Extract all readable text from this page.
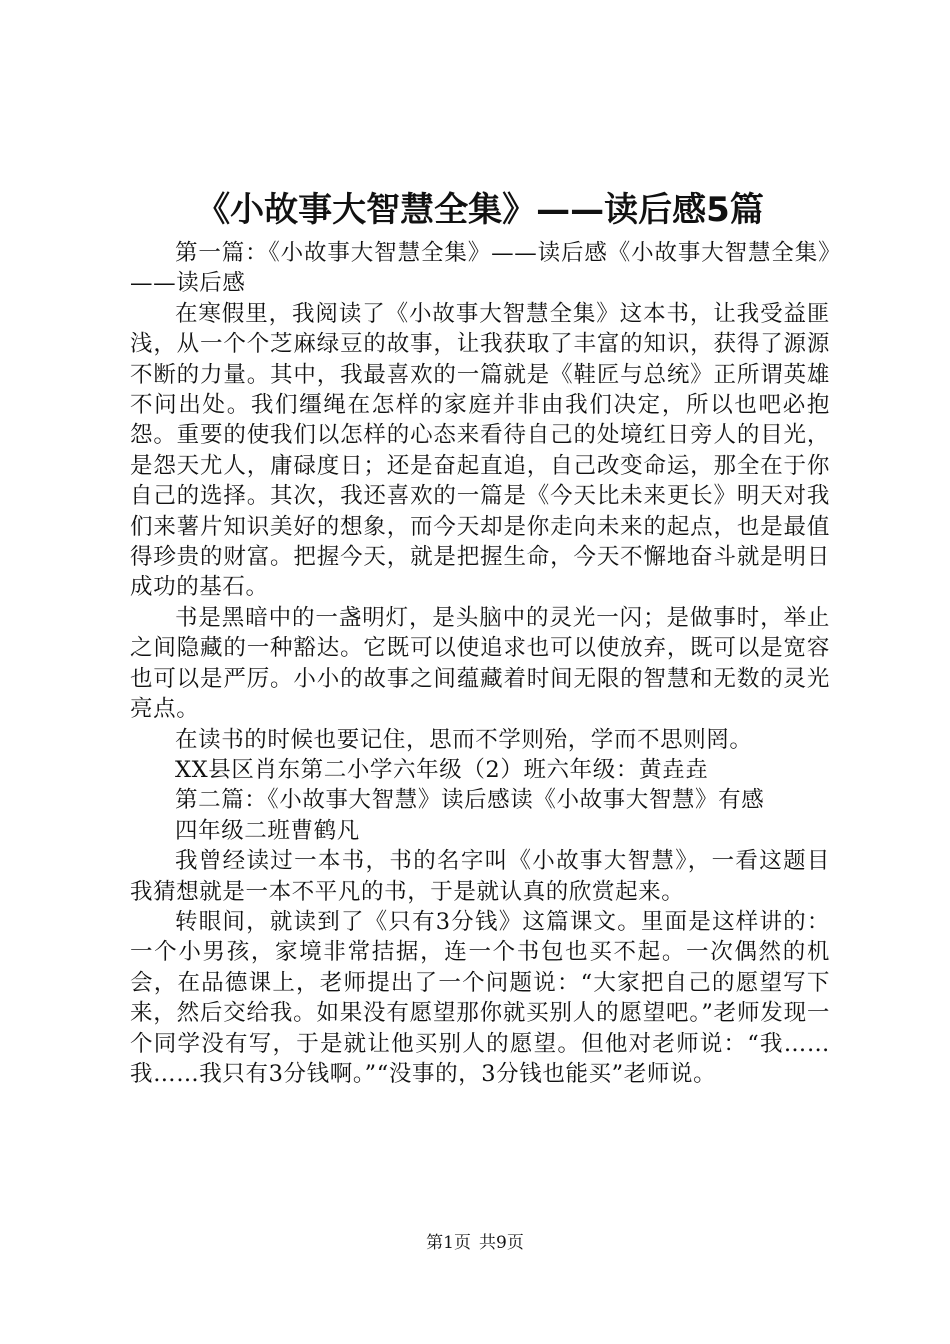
《小故事大智慧全集》——读后感5篇

第一篇：《小故事大智慧全集》——读后感《小故事大智慧全集》——读后感

在寒假里，我阅读了《小故事大智慧全集》这本书，让我受益匪浅，从一个个芝麻绿豆的故事，让我获取了丰富的知识，获得了源源不断的力量。其中，我最喜欢的一篇就是《鞋匠与总统》正所谓英雄不问出处。我们缰绳在怎样的家庭并非由我们决定，所以也吧必抱怨。重要的使我们以怎样的心态来看待自己的处境红日旁人的目光，是怨天尤人，庸碌度日；还是奋起直追，自己改变命运，那全在于你自己的选择。其次，我还喜欢的一篇是《今天比未来更长》明天对我们来薯片知识美好的想象，而今天却是你走向未来的起点，也是最值得珍贵的财富。把握今天，就是把握生命，今天不懈地奋斗就是明日成功的基石。

书是黑暗中的一盏明灯，是头脑中的灵光一闪；是做事时，举止之间隐藏的一种豁达。它既可以使追求也可以使放弃，既可以是宽容也可以是严厉。小小的故事之间蕴藏着时间无限的智慧和无数的灵光亮点。

在读书的时候也要记住，思而不学则殆，学而不思则罔。

XX县区肖东第二小学六年级（2）班六年级：黄垚垚

第二篇：《小故事大智慧》读后感读《小故事大智慧》有感

四年级二班曹鹤凡

我曾经读过一本书，书的名字叫《小故事大智慧》，一看这题目我猜想就是一本不平凡的书，于是就认真的欣赏起来。

转眼间，就读到了《只有3分钱》这篇课文。里面是这样讲的：一个小男孩，家境非常拮据，连一个书包也买不起。一次偶然的机会，在品德课上，老师提出了一个问题说：“大家把自己的愿望写下来，然后交给我。如果没有愿望那你就买别人的愿望吧。”老师发现一个同学没有写，于是就让他买别人的愿望。但他对老师说：“我……我……我只有3分钱啊。”“没事的，3分钱也能买”老师说。

第1页 共9页
